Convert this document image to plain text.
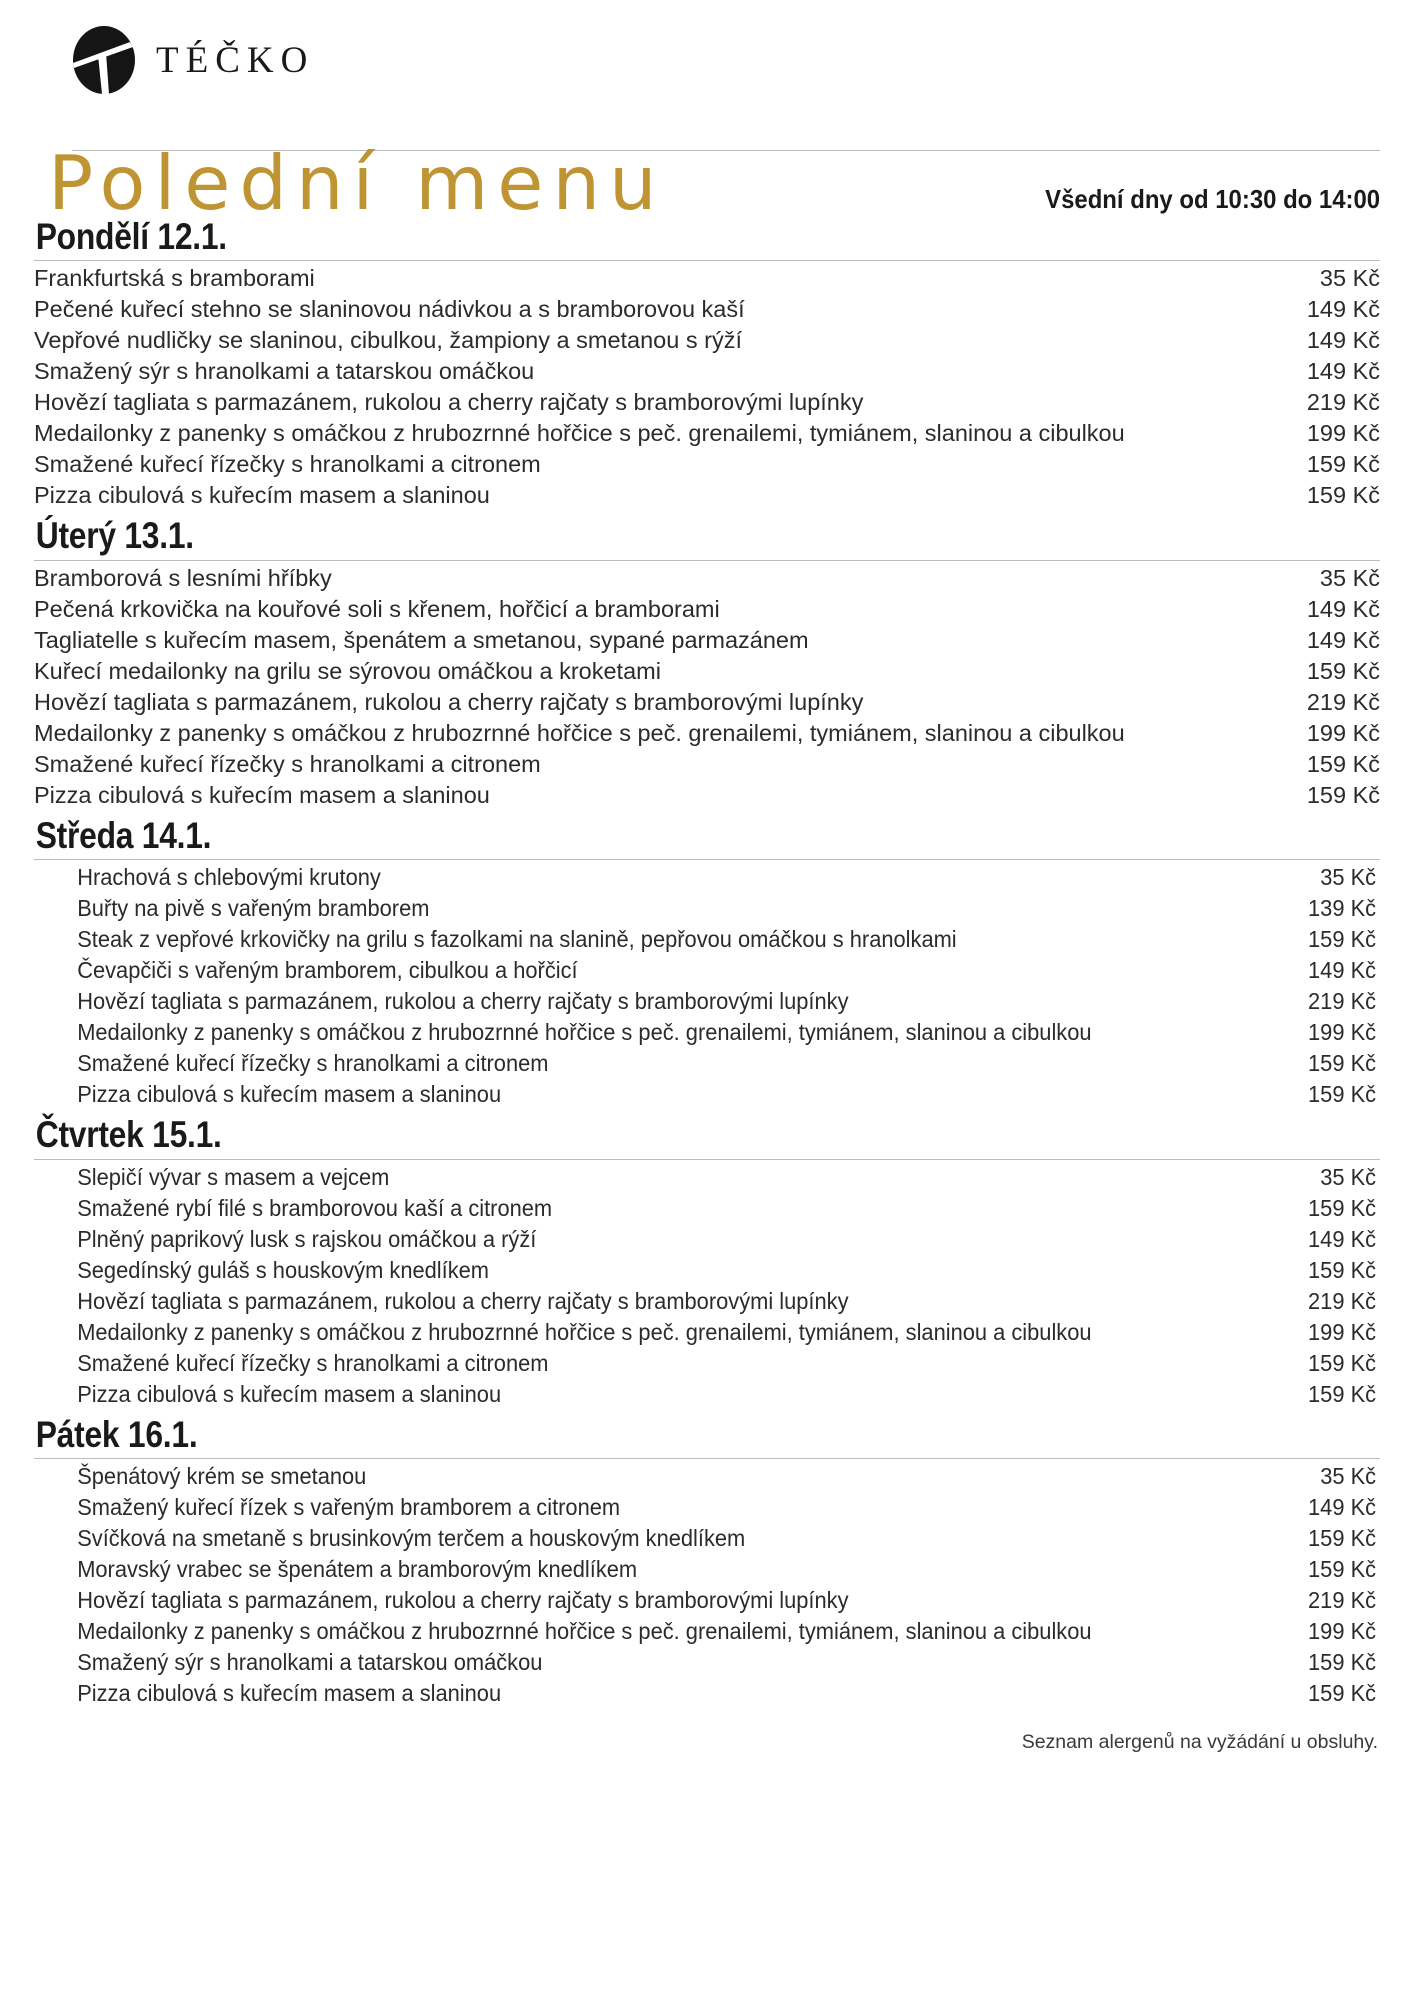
TÉČKO
Polední menu	Všední dny od 10:30 do 14:00
Pondělí 12.1.
Frankfurtská s bramborami	35 Kč
Pečené kuřecí stehno se slaninovou nádivkou a s bramborovou kaší	149 Kč
Vepřové nudličky se slaninou, cibulkou, žampiony a smetanou s rýží	149 Kč
Smažený sýr s hranolkami a tatarskou omáčkou	149 Kč
Hovězí tagliata s parmazánem, rukolou a cherry rajčaty s bramborovými lupínky	219 Kč
Medailonky z panenky s omáčkou z hrubozrnné hořčice s peč. grenailemi, tymiánem, slaninou a cibulkou	199 Kč
Smažené kuřecí řízečky s hranolkami a citronem	159 Kč
Pizza cibulová s kuřecím masem a slaninou	159 Kč
Úterý 13.1.
Bramborová s lesními hříbky	35 Kč
Pečená krkovička na kouřové soli s křenem, hořčicí a bramborami	149 Kč
Tagliatelle s kuřecím masem, špenátem a smetanou, sypané parmazánem	149 Kč
Kuřecí medailonky na grilu se sýrovou omáčkou a kroketami	159 Kč
Hovězí tagliata s parmazánem, rukolou a cherry rajčaty s bramborovými lupínky	219 Kč
Medailonky z panenky s omáčkou z hrubozrnné hořčice s peč. grenailemi, tymiánem, slaninou a cibulkou	199 Kč
Smažené kuřecí řízečky s hranolkami a citronem	159 Kč
Pizza cibulová s kuřecím masem a slaninou	159 Kč
Středa 14.1.
Hrachová s chlebovými krutony	35 Kč
Buřty na pivě s vařeným bramborem	139 Kč
Steak z vepřové krkovičky na grilu s fazolkami na slanině, pepřovou omáčkou s hranolkami	159 Kč
Čevapčiči s vařeným bramborem, cibulkou a hořčicí	149 Kč
Hovězí tagliata s parmazánem, rukolou a cherry rajčaty s bramborovými lupínky	219 Kč
Medailonky z panenky s omáčkou z hrubozrnné hořčice s peč. grenailemi, tymiánem, slaninou a cibulkou	199 Kč
Smažené kuřecí řízečky s hranolkami a citronem	159 Kč
Pizza cibulová s kuřecím masem a slaninou	159 Kč
Čtvrtek 15.1.
Slepičí vývar s masem a vejcem	35 Kč
Smažené rybí filé s bramborovou kaší a citronem	159 Kč
Plněný paprikový lusk s rajskou omáčkou a rýží	149 Kč
Segedínský guláš s houskovým knedlíkem	159 Kč
Hovězí tagliata s parmazánem, rukolou a cherry rajčaty s bramborovými lupínky	219 Kč
Medailonky z panenky s omáčkou z hrubozrnné hořčice s peč. grenailemi, tymiánem, slaninou a cibulkou	199 Kč
Smažené kuřecí řízečky s hranolkami a citronem	159 Kč
Pizza cibulová s kuřecím masem a slaninou	159 Kč
Pátek 16.1.
Špenátový krém se smetanou	35 Kč
Smažený kuřecí řízek s vařeným bramborem a citronem	149 Kč
Svíčková na smetaně s brusinkovým terčem a houskovým knedlíkem	159 Kč
Moravský vrabec se špenátem a bramborovým knedlíkem	159 Kč
Hovězí tagliata s parmazánem, rukolou a cherry rajčaty s bramborovými lupínky	219 Kč
Medailonky z panenky s omáčkou z hrubozrnné hořčice s peč. grenailemi, tymiánem, slaninou a cibulkou	199 Kč
Smažený sýr s hranolkami a tatarskou omáčkou	159 Kč
Pizza cibulová s kuřecím masem a slaninou	159 Kč
Seznam alergenů na vyžádání u obsluhy.
